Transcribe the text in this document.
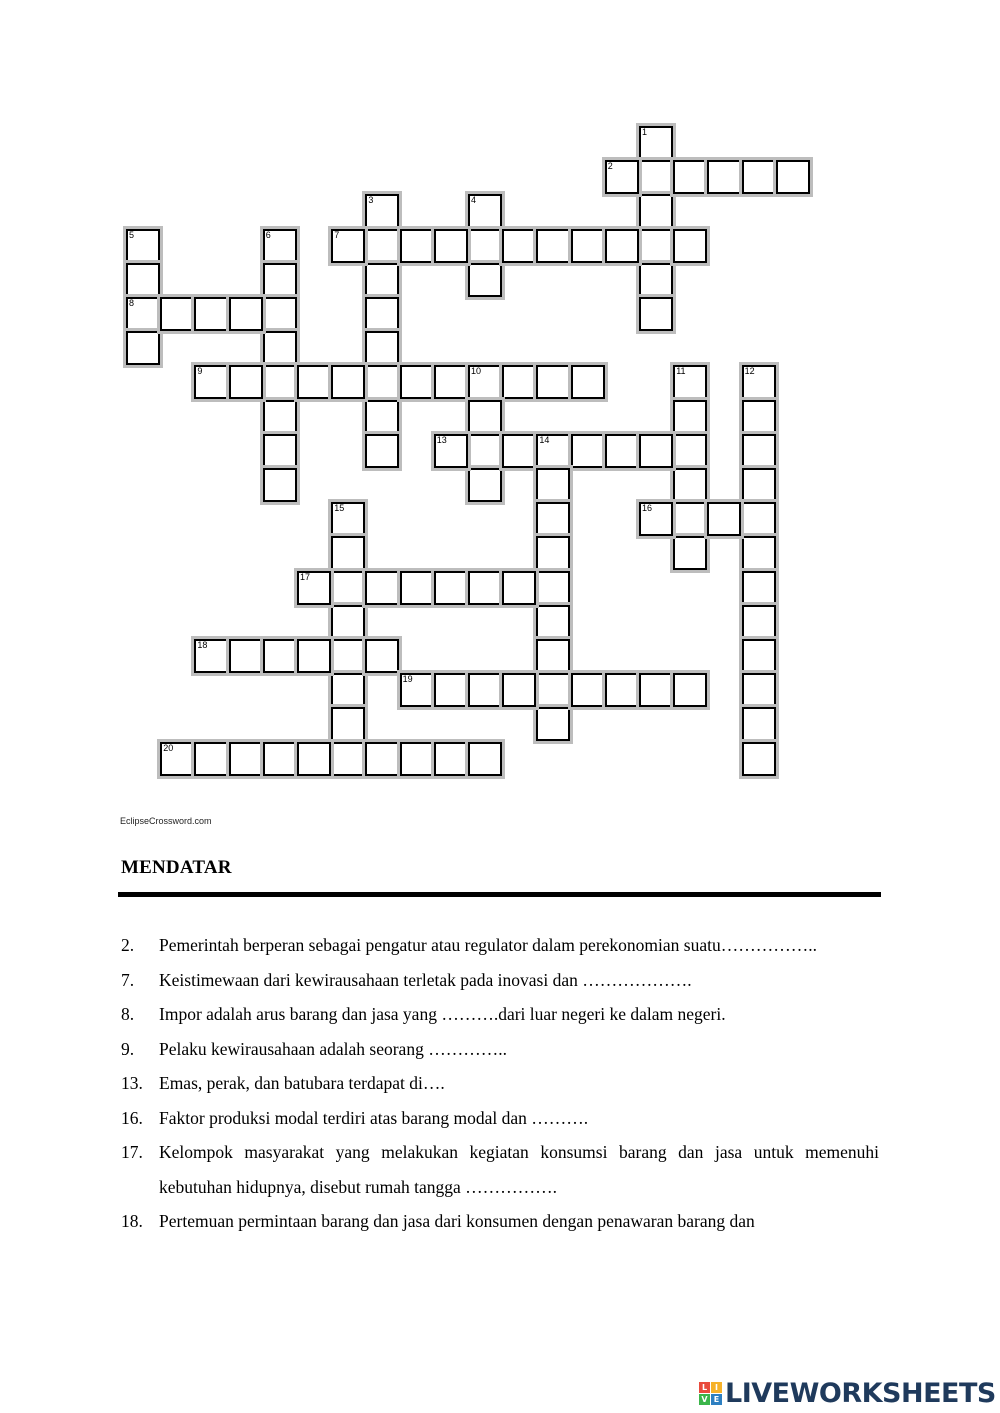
1
2
3	4
5	6	7
8
9	10	11	12
13	14
15	16
17
18
19
20
EclipseCrossword.com
MENDATAR
2. Pemerintah berperan sebagai pengatur atau regulator dalam perekonomian suatu……………..
7. Keistimewaan dari kewirausahaan terletak pada inovasi dan ……………….
8. Impor adalah arus barang dan jasa yang ……….dari luar negeri ke dalam negeri.
9. Pelaku kewirausahaan adalah seorang …………..
13. Emas, perak, dan batubara terdapat di….
16. Faktor produksi modal terdiri atas barang modal dan ……….
17. Kelompok masyarakat yang melakukan kegiatan konsumsi barang dan jasa untuk memenuhi kebutuhan hidupnya, disebut rumah tangga …………….
18. Pertemuan permintaan barang dan jasa dari konsumen dengan penawaran barang dan
L I
V E LIVEWORKSHEETS
